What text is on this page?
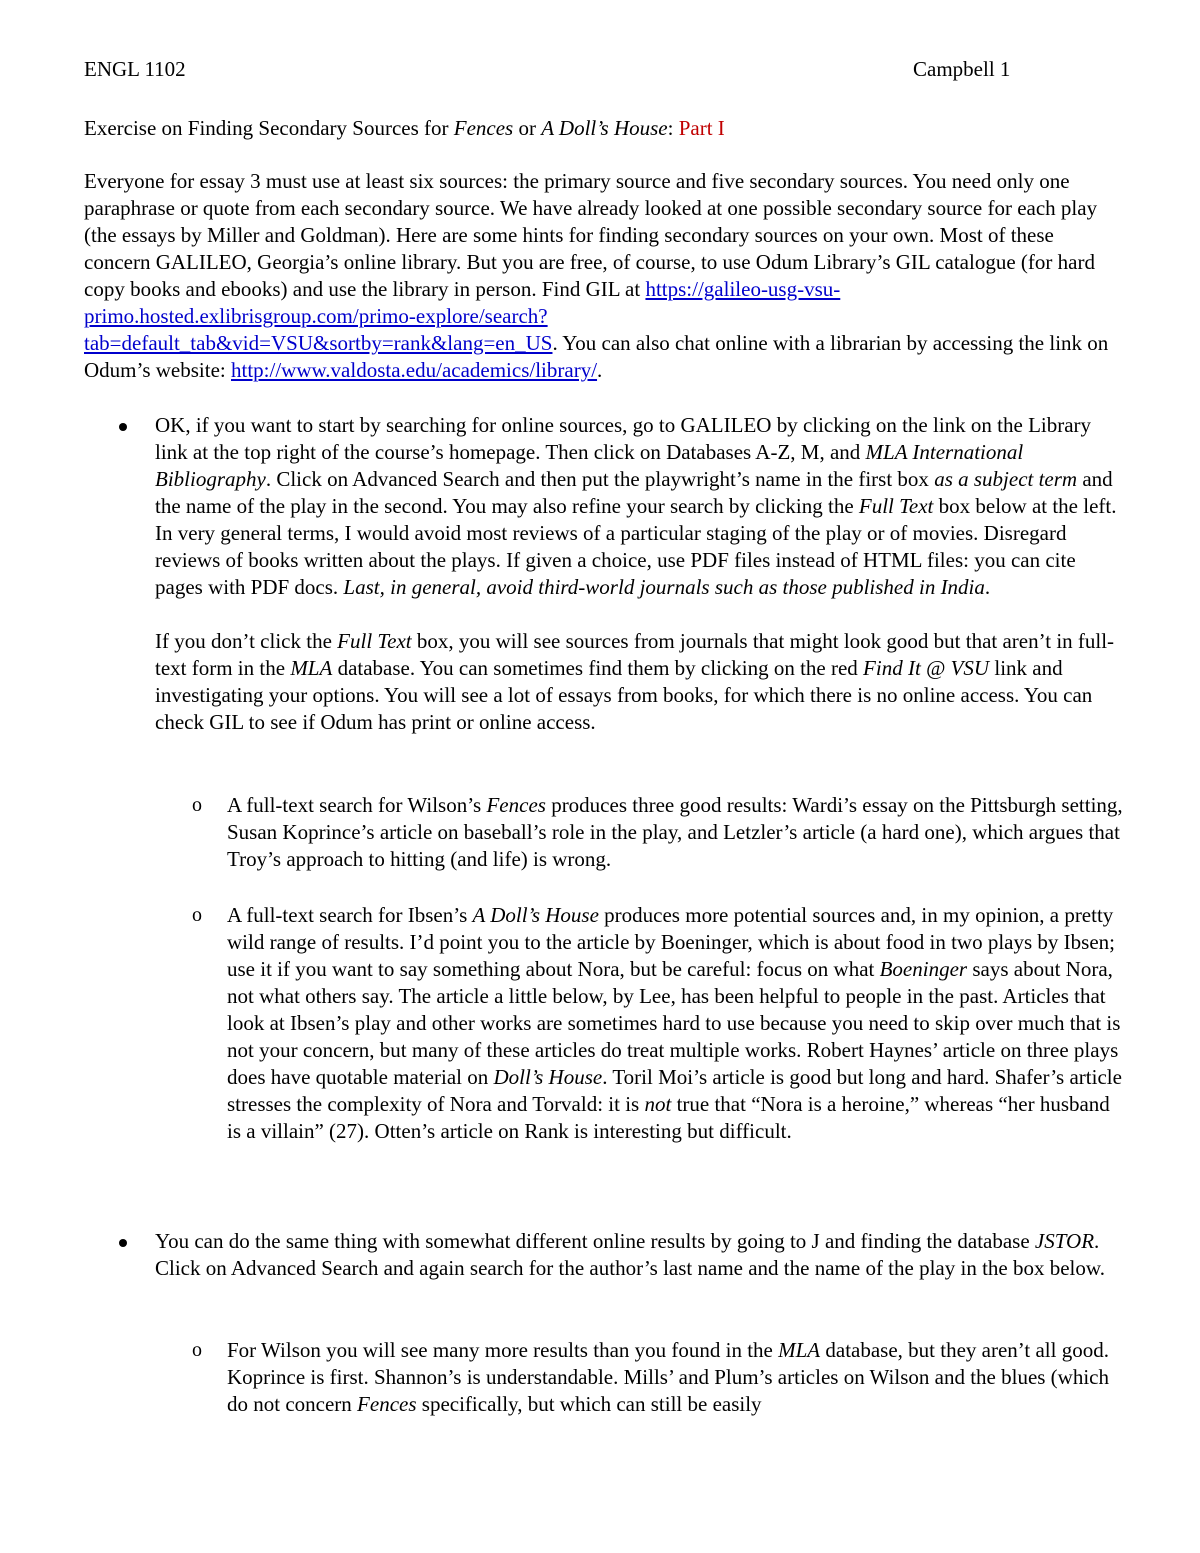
ENGL 1102	Campbell 1

Exercise on Finding Secondary Sources for Fences or A Doll’s House: Part I

Everyone for essay 3 must use at least six sources: the primary source and five secondary sources. You need only one paraphrase or quote from each secondary source. We have already looked at one possible secondary source for each play (the essays by Miller and Goldman). Here are some hints for finding secondary sources on your own. Most of these concern GALILEO, Georgia’s online library. But you are free, of course, to use Odum Library’s GIL catalogue (for hard copy books and ebooks) and use the library in person. Find GIL at https://galileo-usg-vsu-primo.hosted.exlibrisgroup.com/primo-explore/search?
tab=default_tab&vid=VSU&sortby=rank&lang=en_US. You can also chat online with a librarian by accessing the link on Odum’s website: http://www.valdosta.edu/academics/library/.

OK, if you want to start by searching for online sources, go to GALILEO by clicking on the link on the Library link at the top right of the course’s homepage. Then click on Databases A-Z, M, and MLA International Bibliography. Click on Advanced Search and then put the playwright’s name in the first box as a subject term and the name of the play in the second. You may also refine your search by clicking the Full Text box below at the left. In very general terms, I would avoid most reviews of a particular staging of the play or of movies. Disregard reviews of books written about the plays. If given a choice, use PDF files instead of HTML files: you can cite pages with PDF docs. Last, in general, avoid third-world journals such as those published in India.

If you don’t click the Full Text box, you will see sources from journals that might look good but that aren’t in full-text form in the MLA database. You can sometimes find them by clicking on the red Find It @ VSU link and investigating your options. You will see a lot of essays from books, for which there is no online access. You can check GIL to see if Odum has print or online access.

o A full-text search for Wilson’s Fences produces three good results: Wardi’s essay on the Pittsburgh setting, Susan Koprince’s article on baseball’s role in the play, and Letzler’s article (a hard one), which argues that Troy’s approach to hitting (and life) is wrong.

o A full-text search for Ibsen’s A Doll’s House produces more potential sources and, in my opinion, a pretty wild range of results. I’d point you to the article by Boeninger, which is about food in two plays by Ibsen; use it if you want to say something about Nora, but be careful: focus on what Boeninger says about Nora, not what others say. The article a little below, by Lee, has been helpful to people in the past. Articles that look at Ibsen’s play and other works are sometimes hard to use because you need to skip over much that is not your concern, but many of these articles do treat multiple works. Robert Haynes’ article on three plays does have quotable material on Doll’s House. Toril Moi’s article is good but long and hard. Shafer’s article stresses the complexity of Nora and Torvald: it is not true that “Nora is a heroine,” whereas “her husband is a villain” (27). Otten’s article on Rank is interesting but difficult.

You can do the same thing with somewhat different online results by going to J and finding the database JSTOR. Click on Advanced Search and again search for the author’s last name and the name of the play in the box below.

o For Wilson you will see many more results than you found in the MLA database, but they aren’t all good. Koprince is first. Shannon’s is understandable. Mills’ and Plum’s articles on Wilson and the blues (which do not concern Fences specifically, but which can still be easily
